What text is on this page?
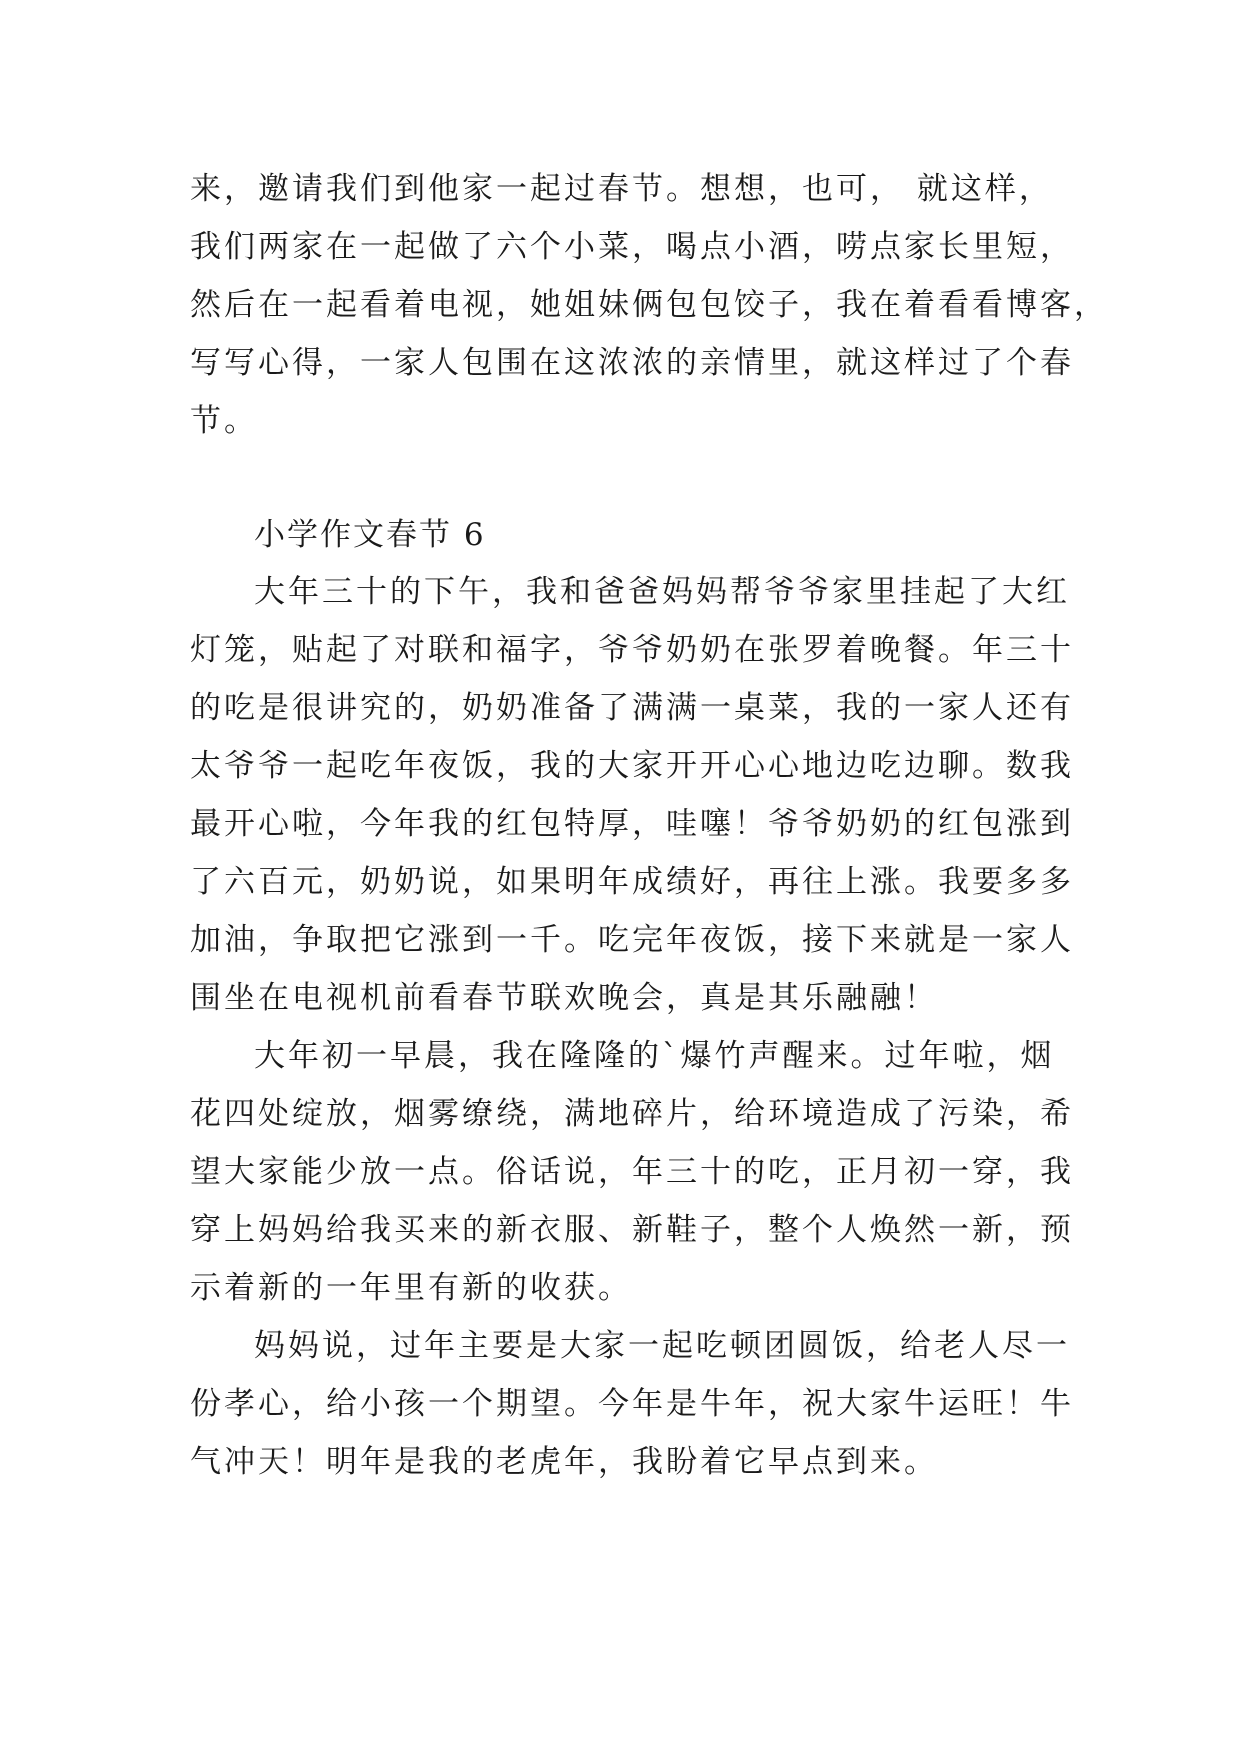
来，邀请我们到他家一起过春节。想想，也可， 就这样，
我们两家在一起做了六个小菜，喝点小酒，唠点家长里短，
然后在一起看着电视，她姐妹俩包包饺子，我在着看看博客，
写写心得，一家人包围在这浓浓的亲情里，就这样过了个春
节。
小学作文春节 6
大年三十的下午，我和爸爸妈妈帮爷爷家里挂起了大红
灯笼，贴起了对联和福字，爷爷奶奶在张罗着晚餐。年三十
的吃是很讲究的，奶奶准备了满满一桌菜，我的一家人还有
太爷爷一起吃年夜饭，我的大家开开心心地边吃边聊。数我
最开心啦，今年我的红包特厚，哇噻！爷爷奶奶的红包涨到
了六百元，奶奶说，如果明年成绩好，再往上涨。我要多多
加油，争取把它涨到一千。吃完年夜饭，接下来就是一家人
围坐在电视机前看春节联欢晚会，真是其乐融融！
大年初一早晨，我在隆隆的`爆竹声醒来。过年啦，烟
花四处绽放，烟雾缭绕，满地碎片，给环境造成了污染，希
望大家能少放一点。俗话说，年三十的吃，正月初一穿，我
穿上妈妈给我买来的新衣服、新鞋子，整个人焕然一新，预
示着新的一年里有新的收获。
妈妈说，过年主要是大家一起吃顿团圆饭，给老人尽一
份孝心，给小孩一个期望。今年是牛年，祝大家牛运旺！牛
气冲天！明年是我的老虎年，我盼着它早点到来。
